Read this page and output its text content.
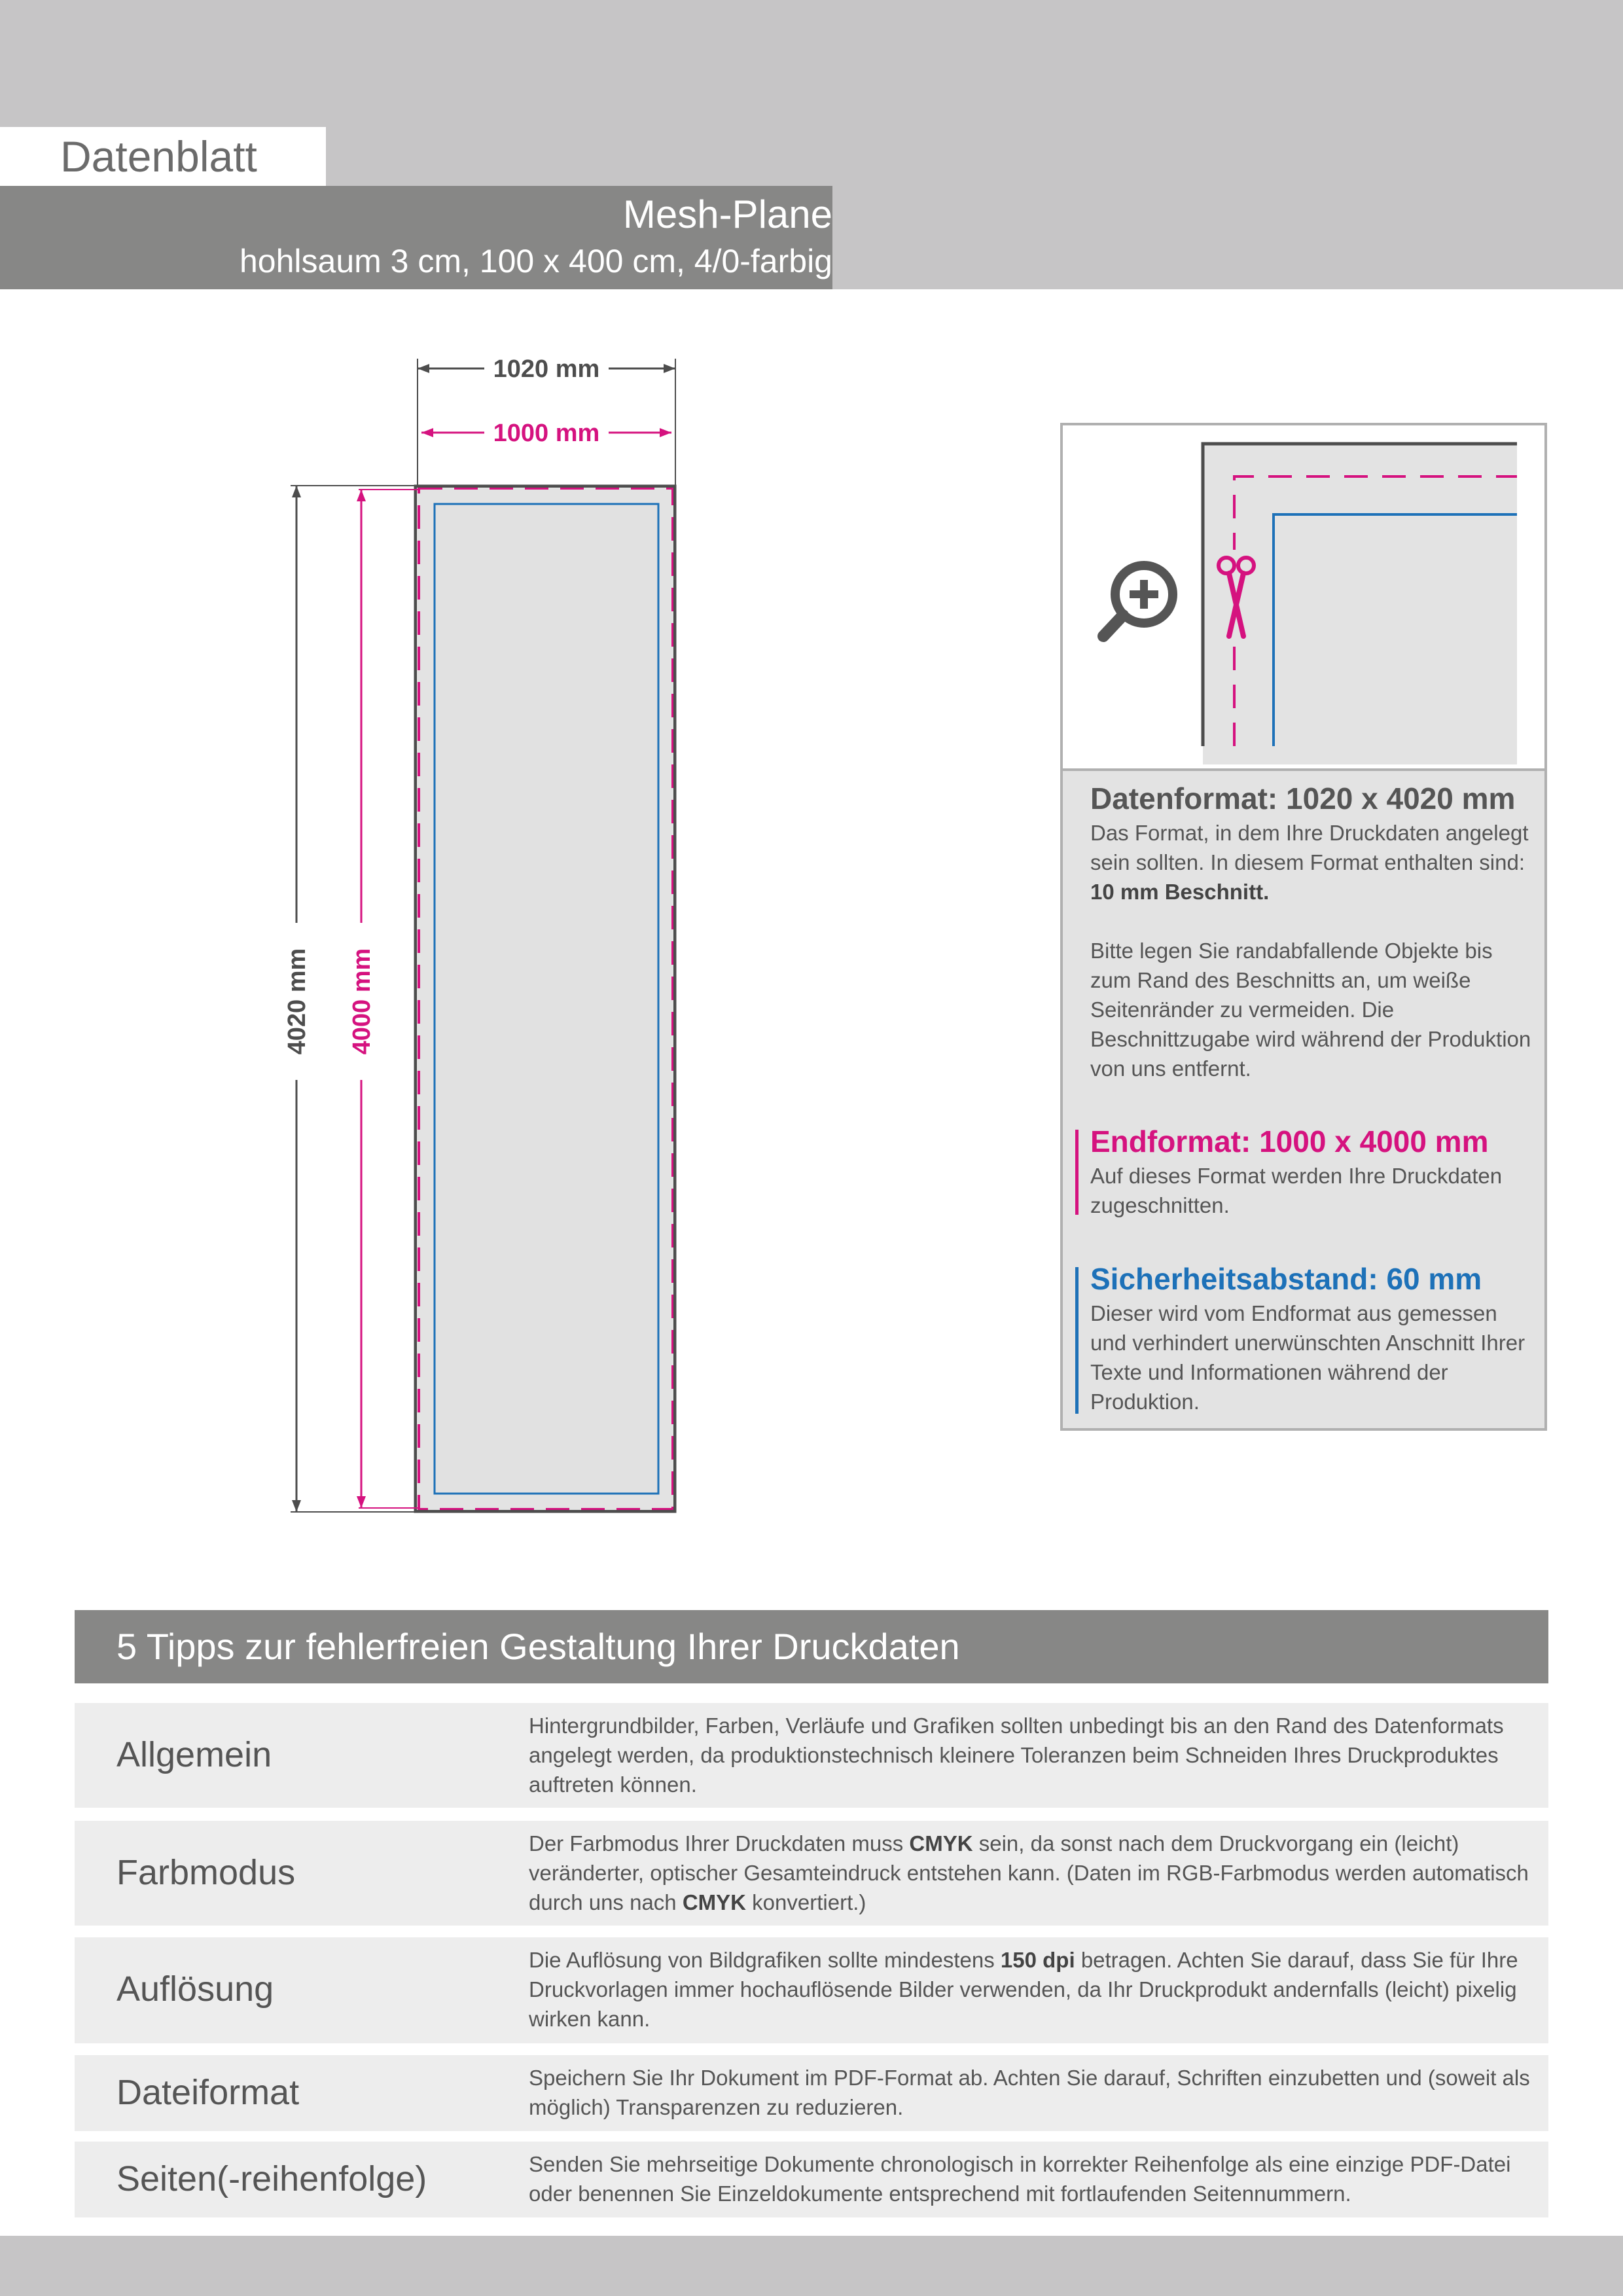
Datenblatt
Mesh-Plane
hohlsaum 3 cm, 100 x 400 cm, 4/0-farbig
1020 mm
1000 mm
4020 mm 4000 mm
Datenformat: 1020 x 4020 mm
Das Format, in dem Ihre Druckdaten angelegt sein sollten. In diesem Format enthalten sind: 10 mm Beschnitt.
Bitte legen Sie randabfallende Objekte bis zum Rand des Beschnitts an, um weiße Seitenränder zu vermeiden. Die Beschnittzugabe wird während der Produktion von uns entfernt.
Endformat: 1000 x 4000 mm
Auf dieses Format werden Ihre Druckdaten zugeschnitten.
Sicherheitsabstand: 60 mm
Dieser wird vom Endformat aus gemessen und verhindert unerwünschten Anschnitt Ihrer Texte und Informationen während der Produktion.
5 Tipps zur fehlerfreien Gestaltung Ihrer Druckdaten
Allgemein
Hintergrundbilder, Farben, Verläufe und Grafiken sollten unbedingt bis an den Rand des Datenformats angelegt werden, da produktionstechnisch kleinere Toleranzen beim Schneiden Ihres Druckproduktes auftreten können.
Farbmodus
Der Farbmodus Ihrer Druckdaten muss CMYK sein, da sonst nach dem Druckvorgang ein (leicht) veränderter, optischer Gesamteindruck entstehen kann. (Daten im RGB-Farbmodus werden automatisch durch uns nach CMYK konvertiert.)
Auflösung
Die Auflösung von Bildgrafiken sollte mindestens 150 dpi betragen. Achten Sie darauf, dass Sie für Ihre Druckvorlagen immer hochauflösende Bilder verwenden, da Ihr Druckprodukt andernfalls (leicht) pixelig wirken kann.
Dateiformat	Speichern Sie Ihr Dokument im PDF-Format ab. Achten Sie darauf, Schriften einzubetten und (soweit als möglich) Transparenzen zu reduzieren.
Seiten(-reihenfolge)	Senden Sie mehrseitige Dokumente chronologisch in korrekter Reihenfolge als eine einzige PDF-Datei oder benennen Sie Einzeldokumente entsprechend mit fortlaufenden Seitennummern.
